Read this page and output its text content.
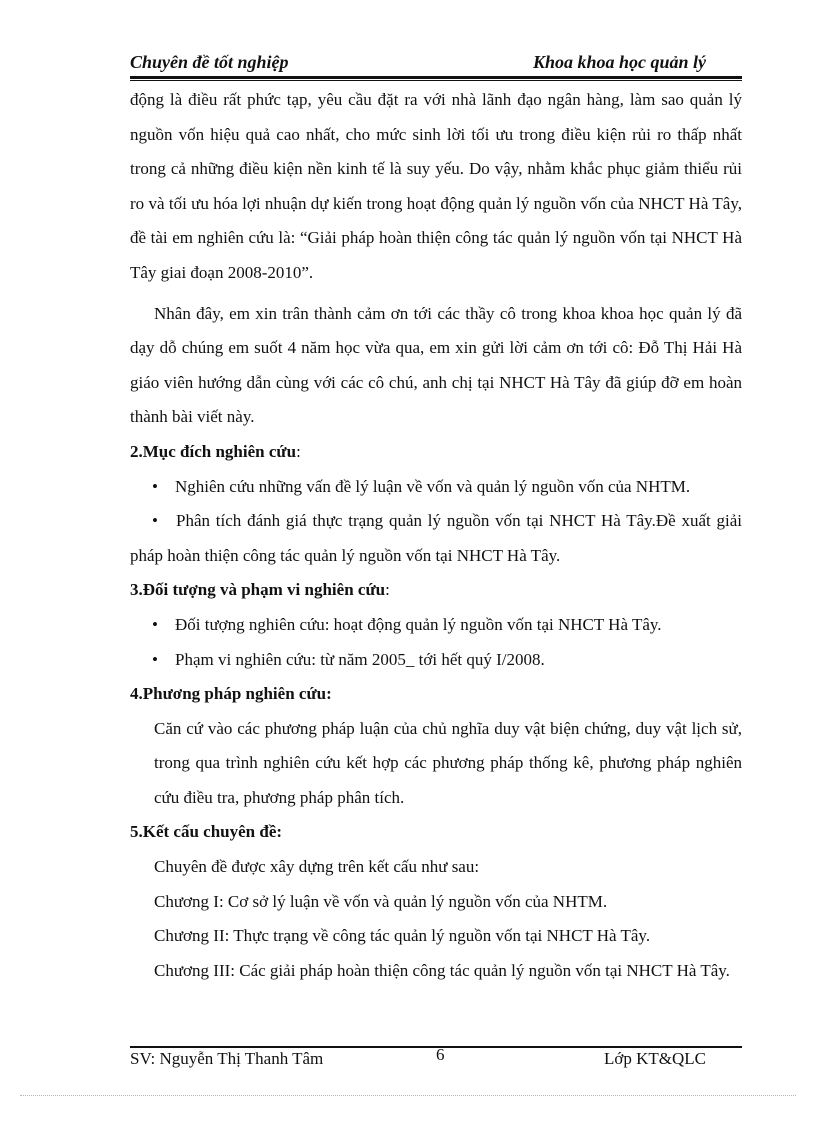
Chuyên đề tốt nghiệp	Khoa khoa học quản lý

động là điều rất phức tạp, yêu cầu đặt ra với nhà lãnh đạo ngân hàng, làm sao quản lý nguồn vốn hiệu quả cao nhất, cho mức sinh lời tối ưu trong điều kiện rủi ro thấp nhất trong cả những điều kiện nền kinh tế là suy yếu. Do vậy, nhằm khắc phục giảm thiểu rủi ro và tối ưu hóa lợi nhuận dự kiến trong hoạt động quản lý nguồn vốn của NHCT Hà Tây, đề tài em nghiên cứu là: “Giải pháp hoàn thiện công tác quản lý nguồn vốn tại NHCT Hà Tây giai đoạn 2008-2010”.

Nhân đây, em xin trân thành cảm ơn tới các thầy cô trong khoa khoa học quản lý đã dạy dỗ chúng em suốt 4 năm học vừa qua, em xin gửi lời cảm ơn tới cô: Đỗ Thị Hải Hà giáo viên hướng dẫn cùng với các cô chú, anh chị tại NHCT Hà Tây đã giúp đỡ em hoàn thành bài viết này.

2.Mục đích nghiên cứu:
• Nghiên cứu những vấn đề lý luận về vốn và quản lý nguồn vốn của NHTM.

• Phân tích đánh giá thực trạng quản lý nguồn vốn tại NHCT Hà Tây.Đề xuất giải pháp hoàn thiện công tác quản lý nguồn vốn tại NHCT Hà Tây.

3.Đối tượng và phạm vi nghiên cứu:
• Đối tượng nghiên cứu: hoạt động quản lý nguồn vốn tại NHCT Hà Tây.
• Phạm vi nghiên cứu: từ năm 2005_ tới hết quý I/2008.
4.Phương pháp nghiên cứu:

Căn cứ vào các phương pháp luận của chủ nghĩa duy vật biện chứng, duy vật lịch sử, trong qua trình nghiên cứu kết hợp các phương pháp thống kê, phương pháp nghiên cứu điều tra, phương pháp phân tích.

5.Kết cấu chuyên đề:

Chuyên đề được xây dựng trên kết cấu như sau:

Chương I: Cơ sở lý luận về vốn và quản lý nguồn vốn của NHTM.

Chương II: Thực trạng về công tác quản lý nguồn vốn tại NHCT Hà Tây.

Chương III: Các giải pháp hoàn thiện công tác quản lý nguồn vốn tại NHCT Hà Tây.

SV: Nguyễn Thị Thanh Tâm	6	Lớp KT&QLC
